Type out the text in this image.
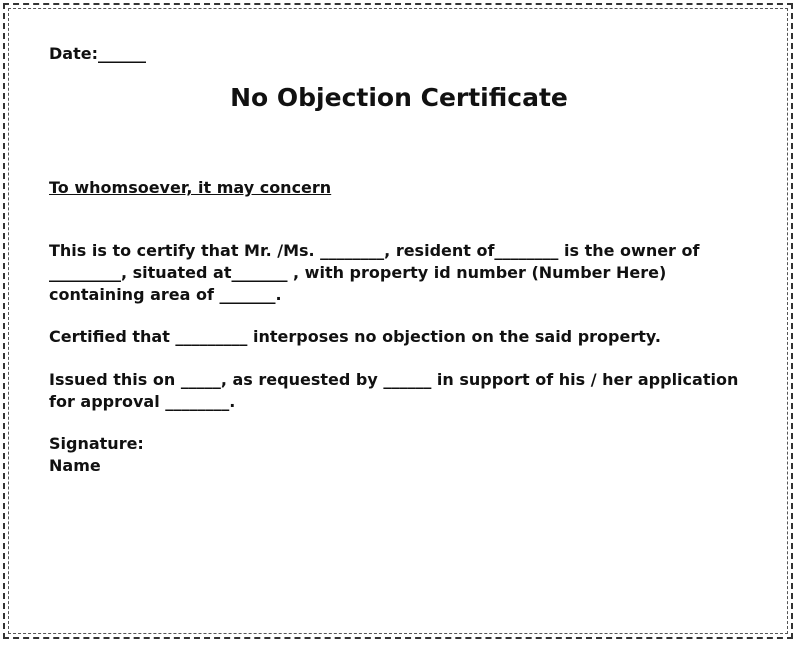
Date:______
No Objection Certificate
To whomsoever, it may concern

This is to certify that Mr. /Ms. ________, resident of________ is the owner of _________, situated at_______ , with property id number (Number Here) containing area of _______.

Certified that _________ interposes no objection on the said property.

Issued this on _____, as requested by ______ in support of his / her application for approval ________.

Signature:
Name
